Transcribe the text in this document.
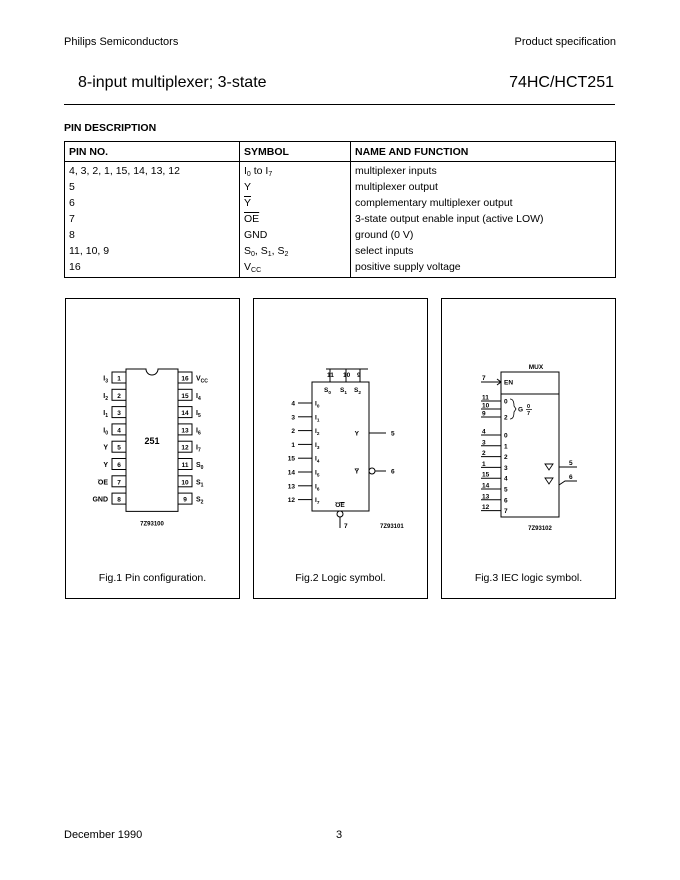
Philips Semiconductors	Product specification
8-input multiplexer; 3-state	74HC/HCT251
PIN DESCRIPTION
PIN NO.	SYMBOL	NAME AND FUNCTION
4, 3, 2, 1, 15, 14, 13, 12	$I_0$ to $I_7$	multiplexer inputs
5	Y	multiplexer output
6	$\overline{Y}$	complementary multiplexer output
7	$\overline{OE}$	3-state output enable input (active LOW)
8	GND	ground (0 V)
11, 10, 9	$S_0$, $S_1$, $S_2$	select inputs
16	$V_{CC}$	positive supply voltage
251
1
$I_3$
2
$I_2$
3
$I_1$
4
$I_0$
5
Y
6
Y
7
OE
8
GND
16 $V_{CC}$
15 $I_4$
14 $I_5$
13 $I_6$
12 $I_7$
11 $S_0$
10 $S_1$
9 $S_2$
7Z93100
Fig.1 Pin configuration.
11
$S_0$
10
$S_1$
9
$S_2$
4	$I_0$
3	$I_1$
2	$I_2$
1	$I_3$
15	$I_4$
14	$I_5$
13	$I_6$
12	$I_7$
Y	5
Y	6
OE
7	7Z93101
Fig.2 Logic symbol.
MUX
7
EN
11
10
9
0
2
G 0
7
4
0
3
1
2
2
1
3
15
4
14
5
13
6
12
7
5
6
7Z93102
Fig.3 IEC logic symbol.
December 1990	3
